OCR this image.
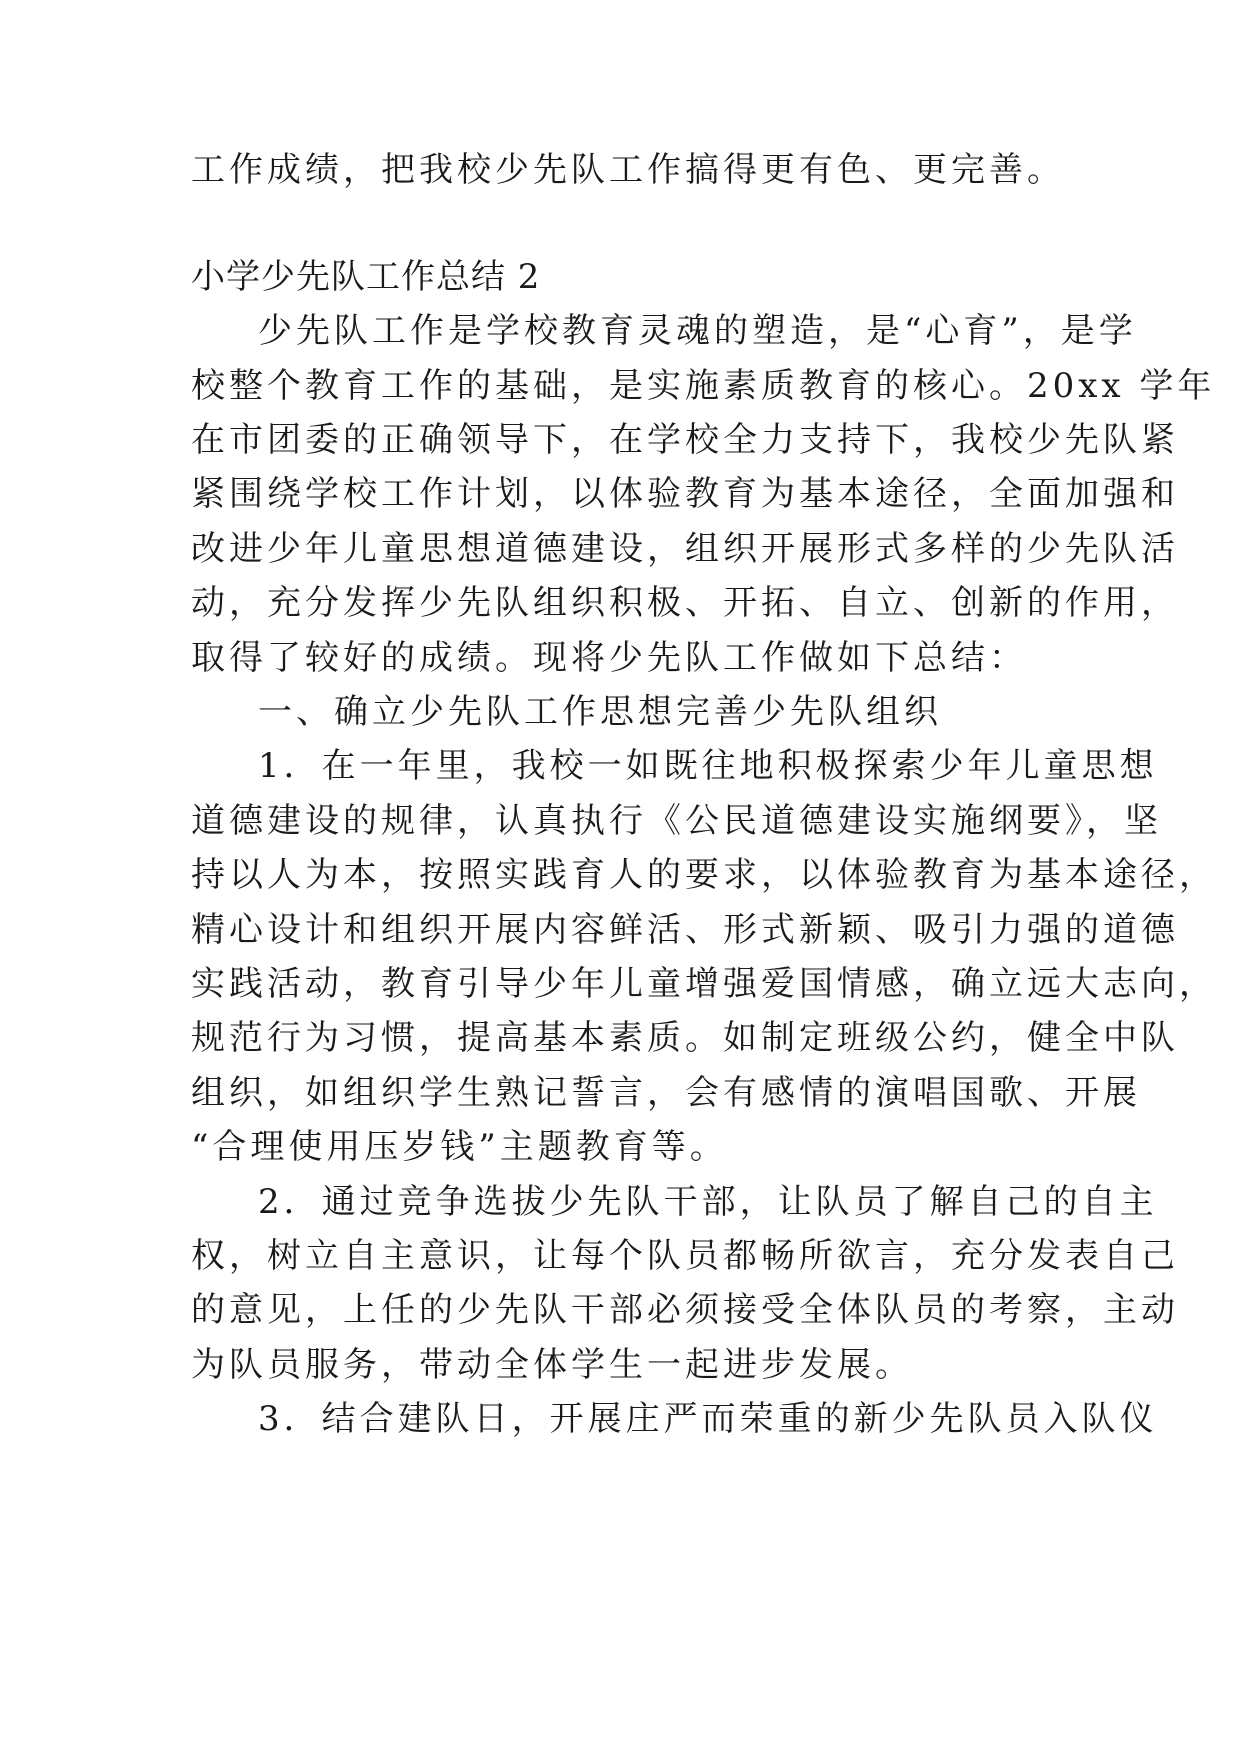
工作成绩，把我校少先队工作搞得更有色、更完善。
小学少先队工作总结 2
少先队工作是学校教育灵魂的塑造，是“心育”，是学
校整个教育工作的基础，是实施素质教育的核心。20xx 学年
在市团委的正确领导下，在学校全力支持下，我校少先队紧
紧围绕学校工作计划，以体验教育为基本途径，全面加强和
改进少年儿童思想道德建设，组织开展形式多样的少先队活
动，充分发挥少先队组织积极、开拓、自立、创新的作用，
取得了较好的成绩。现将少先队工作做如下总结：
一、确立少先队工作思想完善少先队组织
1．在一年里，我校一如既往地积极探索少年儿童思想
道德建设的规律，认真执行《公民道德建设实施纲要》，坚
持以人为本，按照实践育人的要求，以体验教育为基本途径，
精心设计和组织开展内容鲜活、形式新颖、吸引力强的道德
实践活动，教育引导少年儿童增强爱国情感，确立远大志向，
规范行为习惯，提高基本素质。如制定班级公约，健全中队
组织，如组织学生熟记誓言，会有感情的演唱国歌、开展
“合理使用压岁钱”主题教育等。
2．通过竞争选拔少先队干部，让队员了解自己的自主
权，树立自主意识，让每个队员都畅所欲言，充分发表自己
的意见，上任的少先队干部必须接受全体队员的考察，主动
为队员服务，带动全体学生一起进步发展。
3．结合建队日，开展庄严而荣重的新少先队员入队仪
